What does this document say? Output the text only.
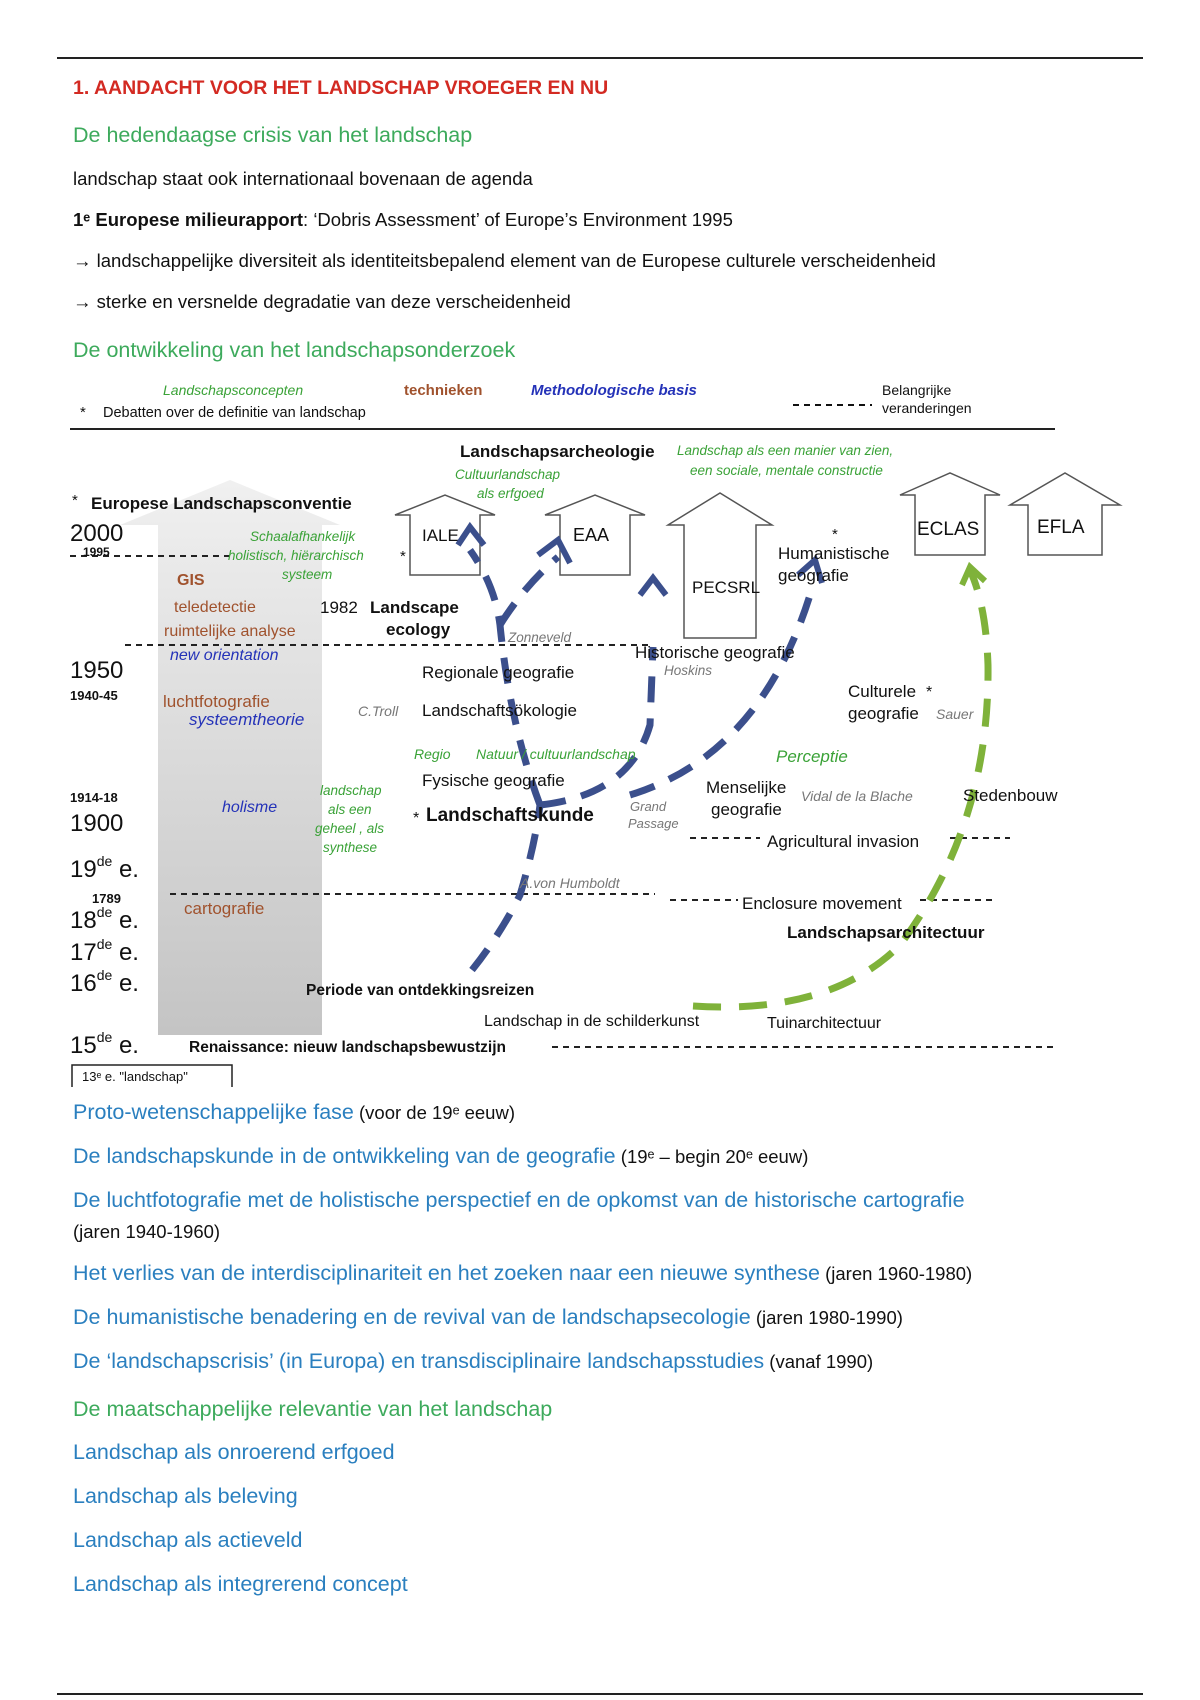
1. AANDACHT VOOR HET LANDSCHAP VROEGER EN NU

De hedendaagse crisis van het landschap

landschap staat ook internationaal bovenaan de agenda

1ᵉ Europese milieurapport: ‘Dobris Assessment’ of Europe’s Environment 1995

→ landschappelijke diversiteit als identiteitsbepalend element van de Europese culturele verscheidenheid

→ sterke en versnelde degradatie van deze verscheidenheid

De ontwikkeling van het landschapsonderzoek

Landschapsconcepten	technieken	Methodologische basis
* Debatten over de definitie van landschap
Belangrijke
veranderingen
IALE	EAA
PECSRL
ECLAS	EFLA
2000
1995
1950
1940-45
1914-18
1900
19de e.
1789
18de e.
17de e.
16de e.
15de e.
* Europese Landschapsconventie
Schaalafhankelijk
holistisch, hiërarchisch
systeem
*
GIS
teledetectie
ruimtelijke analyse
new orientation
luchtfotografie
systeemtheorie
holisme
cartografie
landschap
als een
geheel , als
synthese
Landschapsarcheologie
Cultuurlandschap
als erfgoed
Landschap als een manier van zien,
een sociale, mentale constructie
*
Humanistische
geografie
1982 Landscape
ecology	Zonneveld
Historische geografie
Hoskins
Regionale geografie
Culturele *
geografie Sauer
C.Troll Landschaftsökologie
Regio Natuur / cultuurlandschap	Perceptie
Fysische geografie	Menselijke
geografie
Vidal de la Blache	Stedenbouw
* Landschaftskunde	Grand
Passage
Agricultural invasion
A.von Humboldt
Enclosure movement
Landschapsarchitectuur
Periode van ontdekkingsreizen
Landschap in de schilderkunst	Tuinarchitectuur
Renaissance: nieuw landschapsbewustzijn
13ᵉ e. "landschap"

Proto-wetenschappelijke fase (voor de 19ᵉ eeuw)

De landschapskunde in de ontwikkeling van de geografie (19ᵉ – begin 20ᵉ eeuw)

De luchtfotografie met de holistische perspectief en de opkomst van de historische cartografie

(jaren 1940-1960)

Het verlies van de interdisciplinariteit en het zoeken naar een nieuwe synthese (jaren 1960-1980)

De humanistische benadering en de revival van de landschapsecologie (jaren 1980-1990)

De ‘landschapscrisis’ (in Europa) en transdisciplinaire landschapsstudies (vanaf 1990)

De maatschappelijke relevantie van het landschap

Landschap als onroerend erfgoed

Landschap als beleving

Landschap als actieveld

Landschap als integrerend concept
